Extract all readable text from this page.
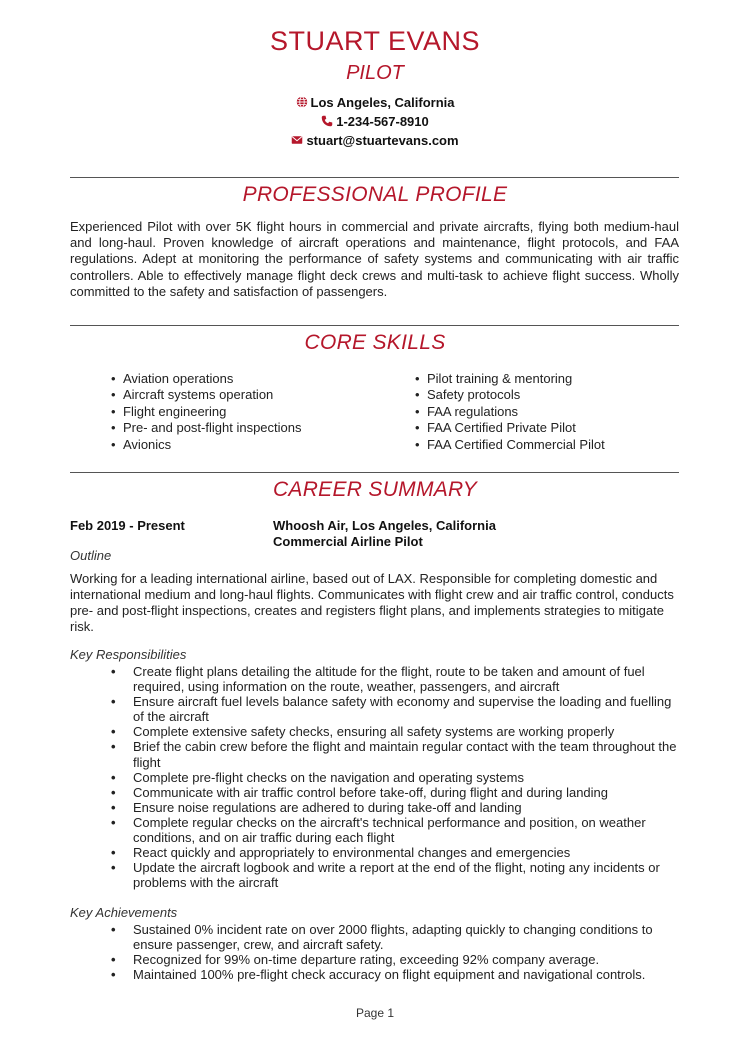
STUART EVANS
PILOT
Los Angeles, California
1-234-567-8910
stuart@stuartevans.com
PROFESSIONAL PROFILE
Experienced Pilot with over 5K flight hours in commercial and private aircrafts, flying both medium-haul and long-haul. Proven knowledge of aircraft operations and maintenance, flight protocols, and FAA regulations. Adept at monitoring the performance of safety systems and communicating with air traffic controllers. Able to effectively manage flight deck crews and multi-task to achieve flight success. Wholly committed to the safety and satisfaction of passengers.
CORE SKILLS
• Aviation operations
• Aircraft systems operation
• Flight engineering
• Pre- and post-flight inspections
• Avionics
• Pilot training & mentoring
• Safety protocols
• FAA regulations
• FAA Certified Private Pilot
• FAA Certified Commercial Pilot
CAREER SUMMARY
Feb 2019 - Present	Whoosh Air, Los Angeles, California
Commercial Airline Pilot
Outline
Working for a leading international airline, based out of LAX. Responsible for completing domestic and international medium and long-haul flights. Communicates with flight crew and air traffic control, conducts pre- and post-flight inspections, creates and registers flight plans, and implements strategies to mitigate risk.
Key Responsibilities
• Create flight plans detailing the altitude for the flight, route to be taken and amount of fuel required, using information on the route, weather, passengers, and aircraft
• Ensure aircraft fuel levels balance safety with economy and supervise the loading and fuelling of the aircraft
• Complete extensive safety checks, ensuring all safety systems are working properly
• Brief the cabin crew before the flight and maintain regular contact with the team throughout the flight
• Complete pre-flight checks on the navigation and operating systems
• Communicate with air traffic control before take-off, during flight and during landing
• Ensure noise regulations are adhered to during take-off and landing
• Complete regular checks on the aircraft's technical performance and position, on weather conditions, and on air traffic during each flight
• React quickly and appropriately to environmental changes and emergencies
• Update the aircraft logbook and write a report at the end of the flight, noting any incidents or problems with the aircraft
Key Achievements
• Sustained 0% incident rate on over 2000 flights, adapting quickly to changing conditions to ensure passenger, crew, and aircraft safety.
• Recognized for 99% on-time departure rating, exceeding 92% company average.
• Maintained 100% pre-flight check accuracy on flight equipment and navigational controls.
Page 1
